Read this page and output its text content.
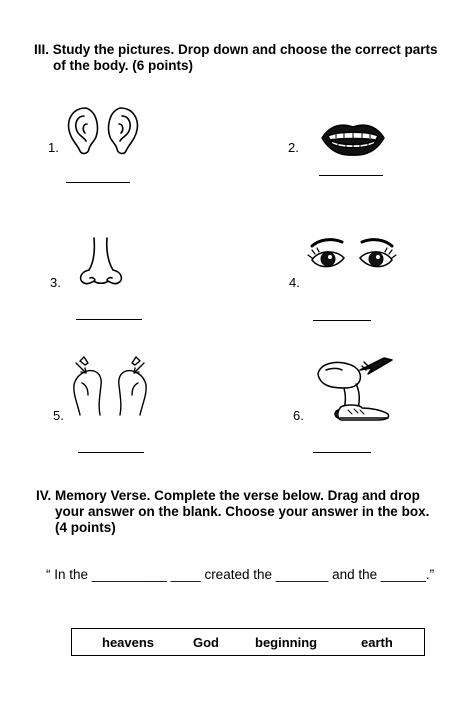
III. Study the pictures. Drop down and choose the correct parts
of the body. (6 points)
1.	2.
3.	4.
5.	6.
IV. Memory Verse. Complete the verse below. Drag and drop
your answer on the blank. Choose your answer in the box.
(4 points)
“ In the __________ ____ created the _______ and the ______.”
heavens	God	beginning	earth
